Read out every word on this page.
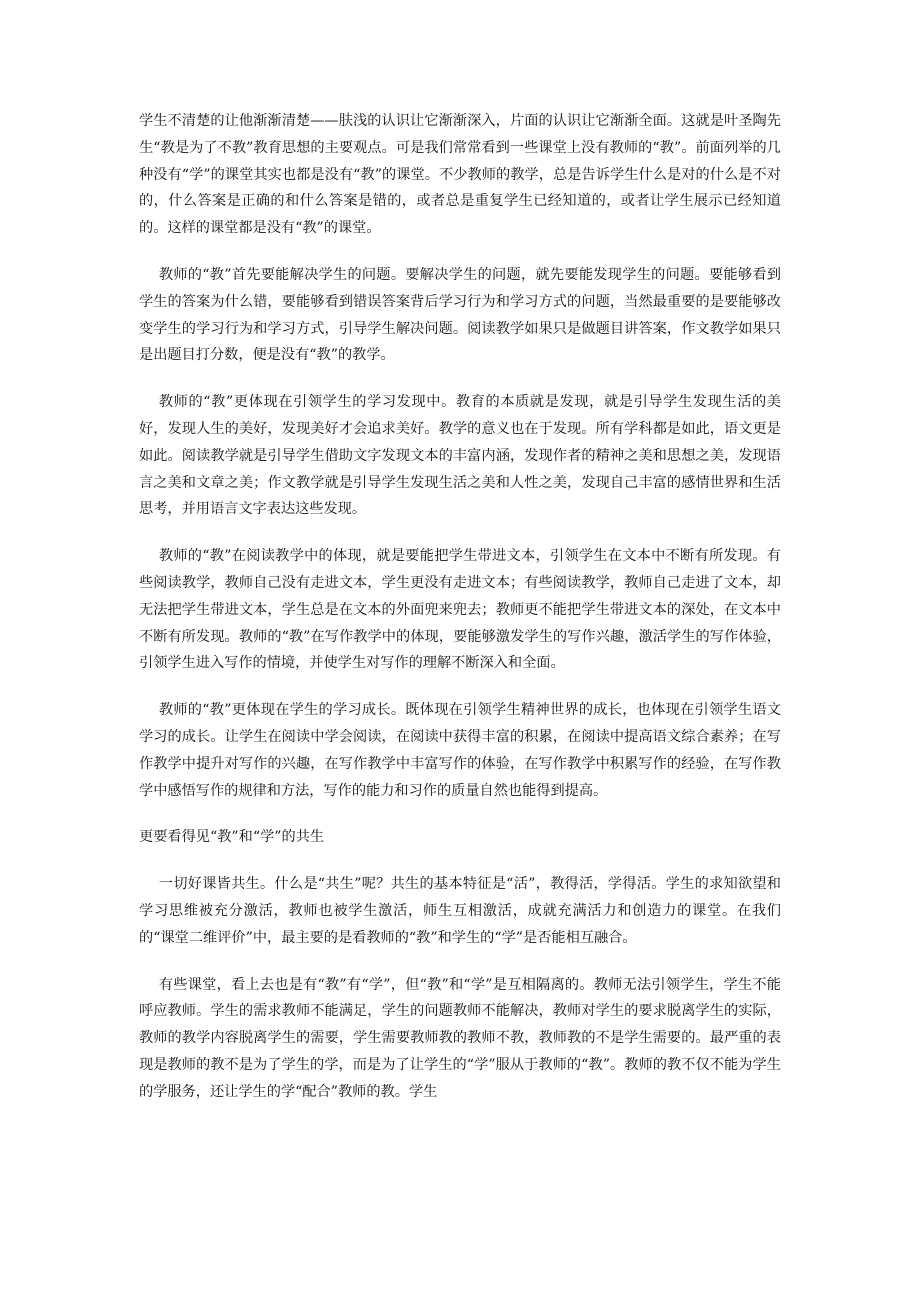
学生不清楚的让他渐渐清楚——肤浅的认识让它渐渐深入，片面的认识让它渐渐全面。这就是叶圣陶先生“教是为了不教”教育思想的主要观点。可是我们常常看到一些课堂上没有教师的“教”。前面列举的几种没有“学”的课堂其实也都是没有“教”的课堂。不少教师的教学，总是告诉学生什么是对的什么是不对的，什么答案是正确的和什么答案是错的，或者总是重复学生已经知道的，或者让学生展示已经知道的。这样的课堂都是没有“教”的课堂。

教师的“教”首先要能解决学生的问题。要解决学生的问题，就先要能发现学生的问题。要能够看到学生的答案为什么错，要能够看到错误答案背后学习行为和学习方式的问题，当然最重要的是要能够改变学生的学习行为和学习方式，引导学生解决问题。阅读教学如果只是做题目讲答案，作文教学如果只是出题目打分数，便是没有“教”的教学。

教师的“教”更体现在引领学生的学习发现中。教育的本质就是发现，就是引导学生发现生活的美好，发现人生的美好，发现美好才会追求美好。教学的意义也在于发现。所有学科都是如此，语文更是如此。阅读教学就是引导学生借助文字发现文本的丰富内涵，发现作者的精神之美和思想之美，发现语言之美和文章之美；作文教学就是引导学生发现生活之美和人性之美，发现自己丰富的感情世界和生活思考，并用语言文字表达这些发现。

教师的“教”在阅读教学中的体现，就是要能把学生带进文本，引领学生在文本中不断有所发现。有些阅读教学，教师自己没有走进文本，学生更没有走进文本；有些阅读教学，教师自己走进了文本，却无法把学生带进文本，学生总是在文本的外面兜来兜去；教师更不能把学生带进文本的深处，在文本中不断有所发现。教师的“教”在写作教学中的体现，要能够激发学生的写作兴趣，激活学生的写作体验，引领学生进入写作的情境，并使学生对写作的理解不断深入和全面。

教师的“教”更体现在学生的学习成长。既体现在引领学生精神世界的成长，也体现在引领学生语文学习的成长。让学生在阅读中学会阅读，在阅读中获得丰富的积累，在阅读中提高语文综合素养；在写作教学中提升对写作的兴趣，在写作教学中丰富写作的体验，在写作教学中积累写作的经验，在写作教学中感悟写作的规律和方法，写作的能力和习作的质量自然也能得到提高。

更要看得见“教”和“学”的共生

一切好课皆共生。什么是“共生”呢？共生的基本特征是“活”，教得活，学得活。学生的求知欲望和学习思维被充分激活，教师也被学生激活，师生互相激活，成就充满活力和创造力的课堂。在我们的“课堂二维评价”中，最主要的是看教师的“教”和学生的“学”是否能相互融合。

有些课堂，看上去也是有“教”有“学”，但“教”和“学”是互相隔离的。教师无法引领学生，学生不能呼应教师。学生的需求教师不能满足，学生的问题教师不能解决，教师对学生的要求脱离学生的实际，教师的教学内容脱离学生的需要，学生需要教师教的教师不教，教师教的不是学生需要的。最严重的表现是教师的教不是为了学生的学，而是为了让学生的“学”服从于教师的“教”。教师的教不仅不能为学生的学服务，还让学生的学“配合”教师的教。学生
